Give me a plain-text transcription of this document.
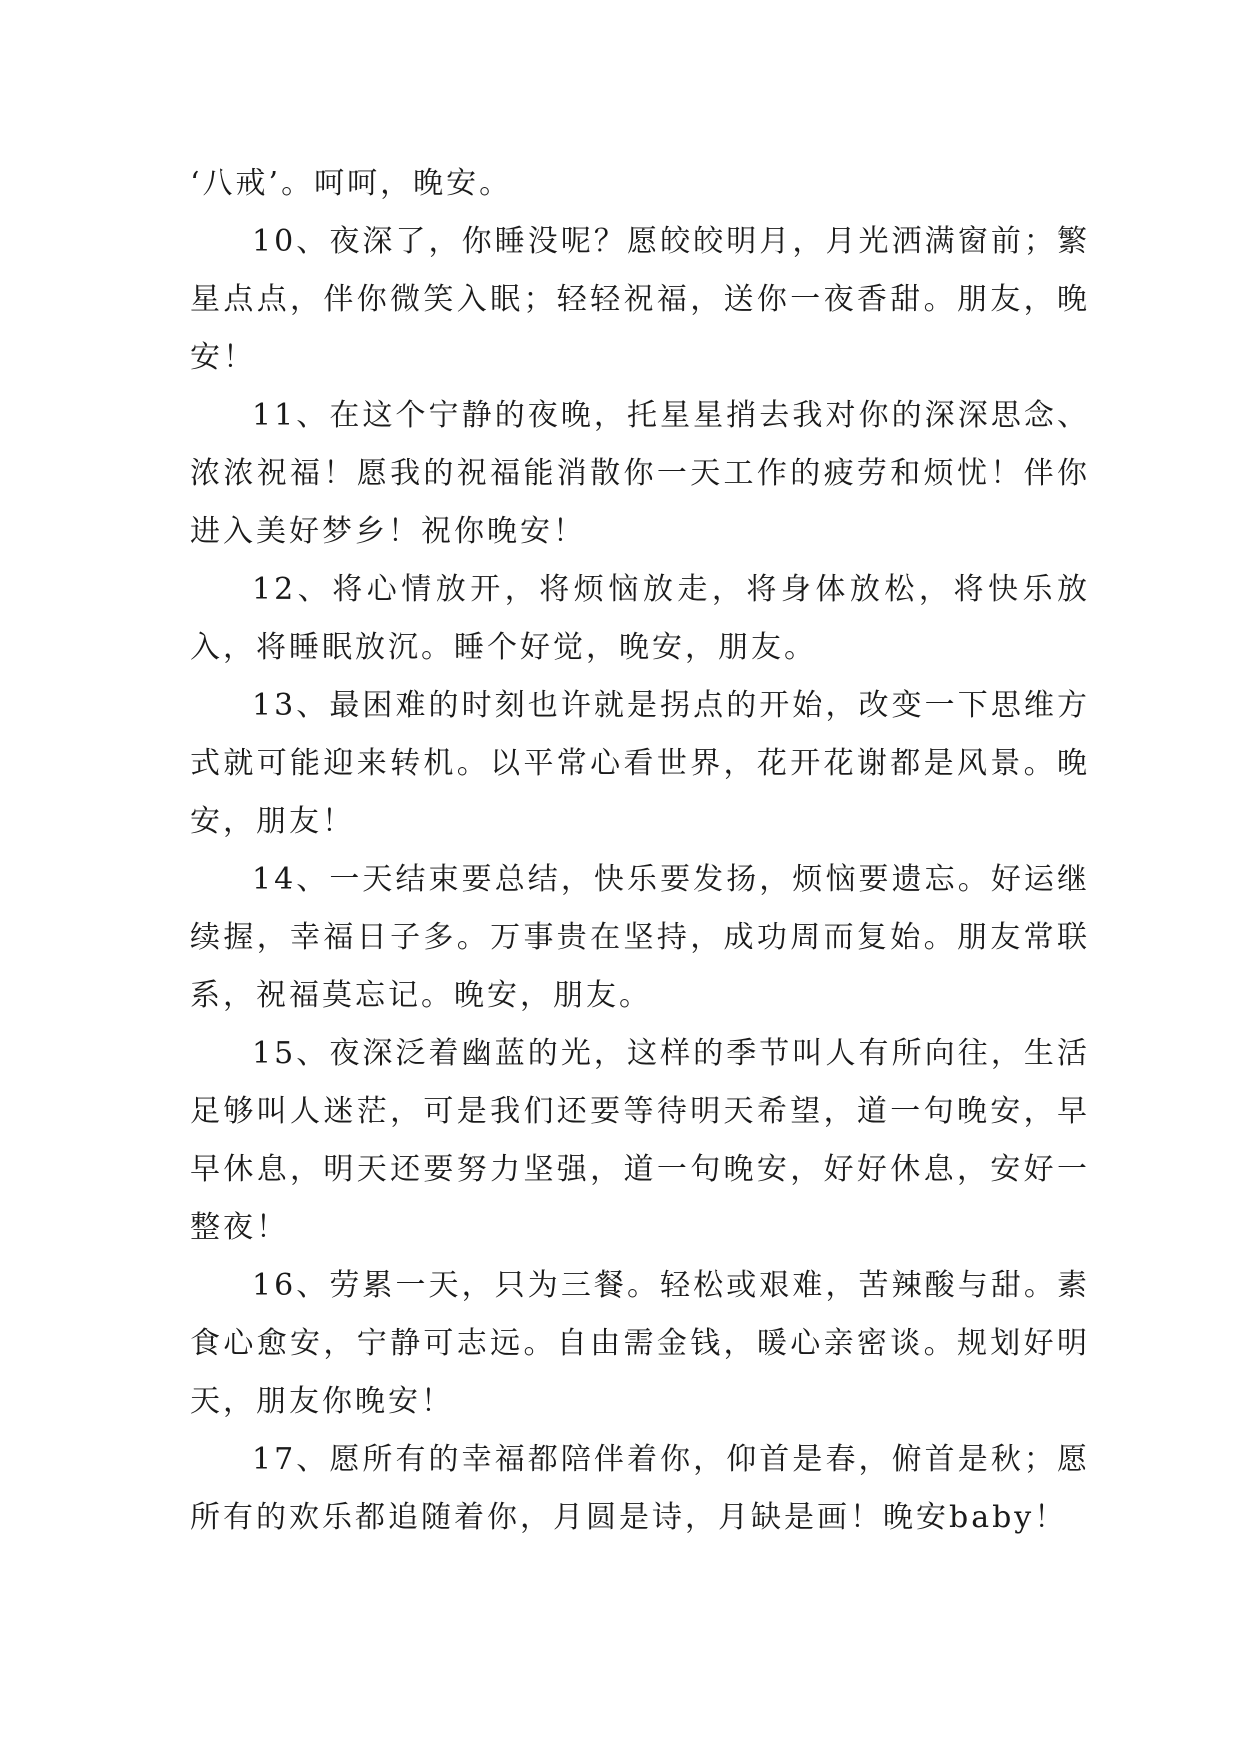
‘八戒’。呵呵，晚安。

10、夜深了，你睡没呢？愿皎皎明月，月光洒满窗前；繁星点点，伴你微笑入眠；轻轻祝福，送你一夜香甜。朋友，晚安！

11、在这个宁静的夜晚，托星星捎去我对你的深深思念、浓浓祝福！愿我的祝福能消散你一天工作的疲劳和烦忧！伴你进入美好梦乡！祝你晚安！

12、将心情放开，将烦恼放走，将身体放松，将快乐放入，将睡眠放沉。睡个好觉，晚安，朋友。

13、最困难的时刻也许就是拐点的开始，改变一下思维方式就可能迎来转机。以平常心看世界，花开花谢都是风景。晚安，朋友！

14、一天结束要总结，快乐要发扬，烦恼要遗忘。好运继续握，幸福日子多。万事贵在坚持，成功周而复始。朋友常联系，祝福莫忘记。晚安，朋友。

15、夜深泛着幽蓝的光，这样的季节叫人有所向往，生活足够叫人迷茫，可是我们还要等待明天希望，道一句晚安，早早休息，明天还要努力坚强，道一句晚安，好好休息，安好一整夜！

16、劳累一天，只为三餐。轻松或艰难，苦辣酸与甜。素食心愈安，宁静可志远。自由需金钱，暖心亲密谈。规划好明天，朋友你晚安！

17、愿所有的幸福都陪伴着你，仰首是春，俯首是秋；愿所有的欢乐都追随着你，月圆是诗，月缺是画！晚安baby！
